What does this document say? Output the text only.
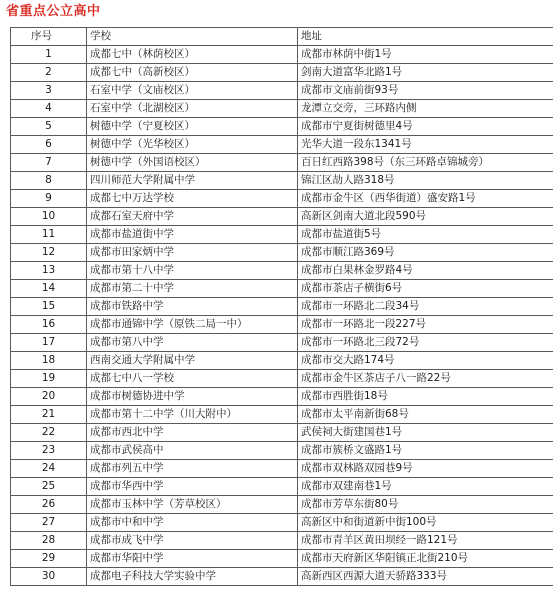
省重点公立高中
序号	学校	地址
1	成都七中（林荫校区）	成都市林荫中街1号
2	成都七中（高新校区）	剑南大道富华北路1号
3	石室中学（文庙校区）	成都市文庙前街93号
4	石室中学（北湖校区）	龙潭立交旁，三环路内侧
5	树德中学（宁夏校区）	成都市宁夏街树德里4号
6	树德中学（光华校区）	光华大道一段东1341号
7	树德中学（外国语校区）	百日红西路398号（东三环路卓锦城旁）
8	四川师范大学附属中学	锦江区劼人路318号
9	成都七中万达学校	成都市金牛区（西华街道）盛安路1号
10	成都石室天府中学	高新区剑南大道北段590号
11	成都市盐道街中学	成都市盐道街5号
12	成都市田家炳中学	成都市顺江路369号
13	成都市第十八中学	成都市白果林金罗路4号
14	成都市第二十中学	成都市茶店子横街6号
15	成都市铁路中学	成都市一环路北二段34号
16	成都市通锦中学（原铁二局一中）	成都市一环路北一段227号
17	成都市第八中学	成都市一环路北三段72号
18	西南交通大学附属中学	成都市交大路174号
19	成都七中八一学校	成都市金牛区茶店子八一路22号
20	成都市树德协进中学	成都市西胜街18号
21	成都市第十二中学（川大附中）	成都市太平南新街68号
22	成都市西北中学	武侯祠大街建国巷1号
23	成都市武侯高中	成都市簇桥文盛路1号
24	成都市列五中学	成都市双林路双园巷9号
25	成都市华西中学	成都市双建南巷1号
26	成都市玉林中学（芳草校区）	成都市芳草东街80号
27	成都市中和中学	高新区中和街道新中街100号
28	成都市成飞中学	成都市青羊区黄田坝经一路121号
29	成都市华阳中学	成都市天府新区华阳镇正北街210号
30	成都电子科技大学实验中学	高新西区西源大道天骄路333号
